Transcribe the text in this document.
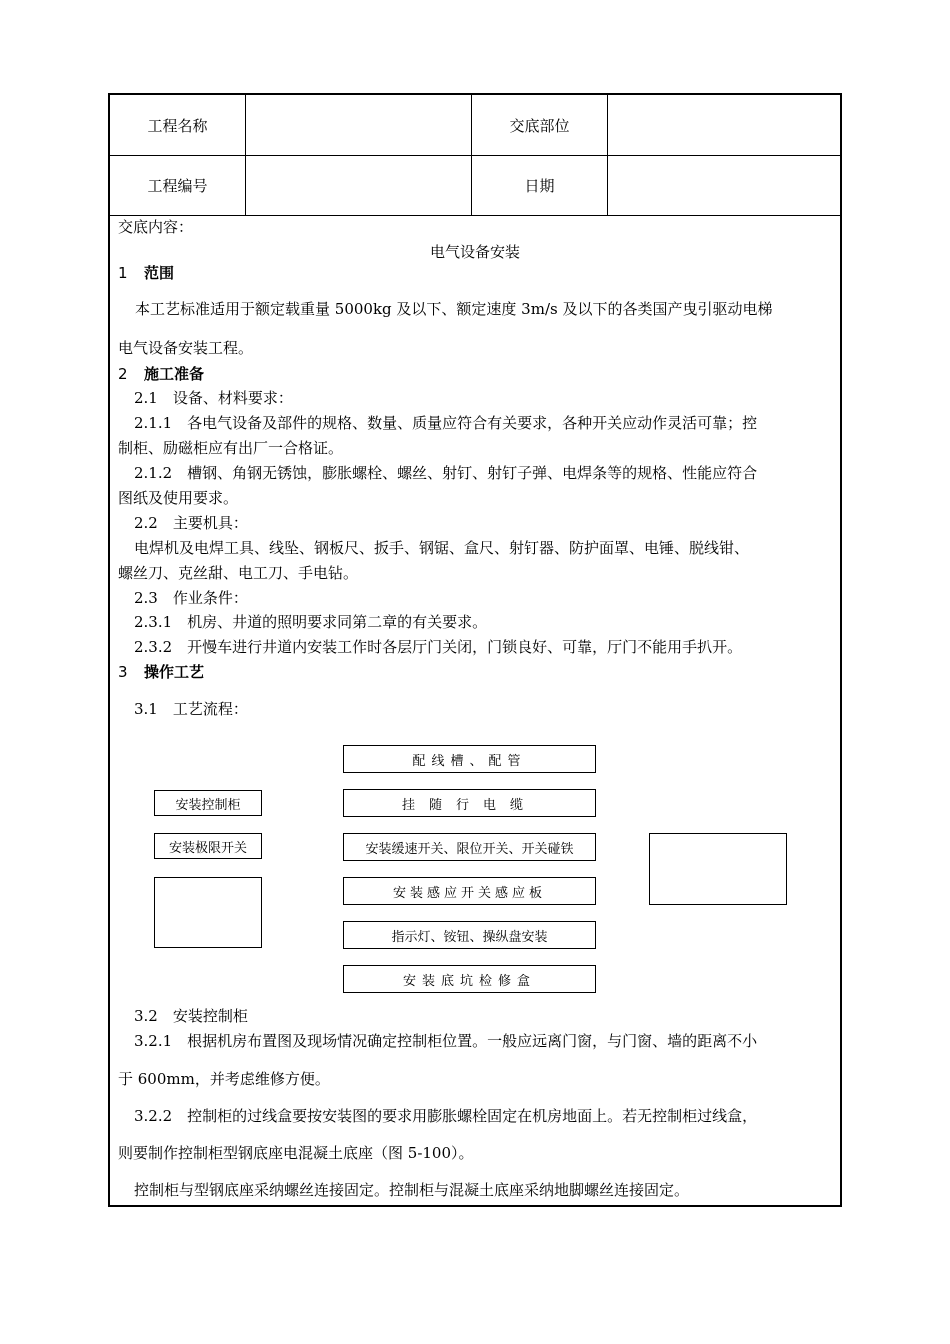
工程名称	交底部位
工程编号	日期
交底内容：
电气设备安装
1 范围
本工艺标准适用于额定载重量 5000kg 及以下、额定速度 3m/s 及以下的各类国产曳引驱动电梯
电气设备安装工程。
2 施工准备
2.1　设备、材料要求：
2.1.1　各电气设备及部件的规格、数量、质量应符合有关要求，各种开关应动作灵活可靠；控
制柜、励磁柜应有出厂一合格证。
2.1.2　槽钢、角钢无锈蚀，膨胀螺栓、螺丝、射钉、射钉子弹、电焊条等的规格、性能应符合
图纸及使用要求。
2.2　主要机具：
电焊机及电焊工具、线坠、钢板尺、扳手、钢锯、盒尺、射钉器、防护面罩、电锤、脱线钳、
螺丝刀、克丝甜、电工刀、手电钻。
2.3　作业条件：
2.3.1　机房、井道的照明要求同第二章的有关要求。
2.3.2　开慢车进行井道内安装工作时各层厅门关闭，门锁良好、可靠，厅门不能用手扒开。
3 操作工艺
3.1　工艺流程：
配线槽、配管
安装控制柜	挂随行电缆
安装极限开关	安装缓速开关、限位开关、开关碰铁
安装感应开关感应板
指示灯、铵钮、操纵盘安装
安装底坑检修盒
3.2　安装控制柜
3.2.1　根据机房布置图及现场情况确定控制柜位置。一般应远离门窗，与门窗、墙的距离不小
于 600mm，并考虑维修方便。
3.2.2　控制柜的过线盒要按安装图的要求用膨胀螺栓固定在机房地面上。若无控制柜过线盒，
则要制作控制柜型钢底座电混凝土底座（图 5-100）。
控制柜与型钢底座采纳螺丝连接固定。控制柜与混凝土底座采纳地脚螺丝连接固定。
